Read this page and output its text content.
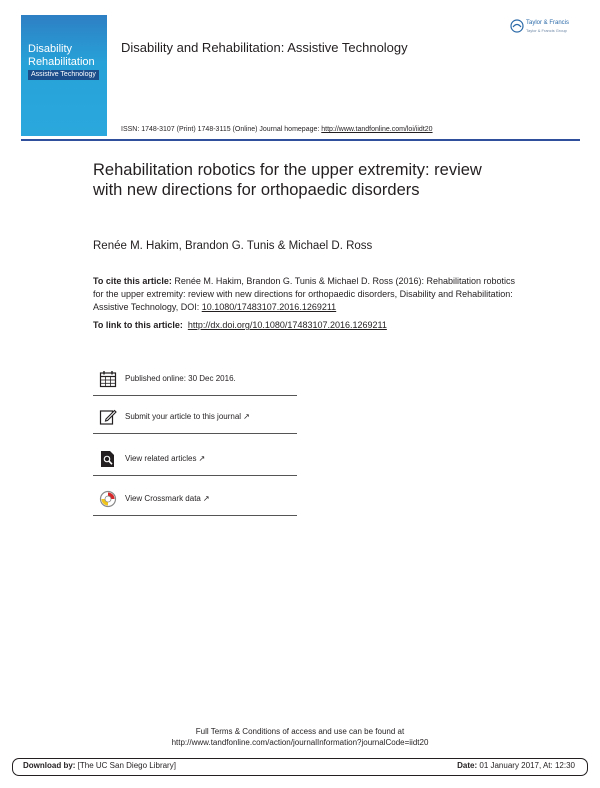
Disability
Rehabilitation
Assistive Technology
Disability and Rehabilitation: Assistive Technology
Taylor & Francis
Taylor & Francis Group
ISSN: 1748-3107 (Print) 1748-3115 (Online) Journal homepage: http://www.tandfonline.com/loi/iidt20
Rehabilitation robotics for the upper extremity: review with new directions for orthopaedic disorders
Renée M. Hakim, Brandon G. Tunis & Michael D. Ross
To cite this article: Renée M. Hakim, Brandon G. Tunis & Michael D. Ross (2016): Rehabilitation robotics for the upper extremity: review with new directions for orthopaedic disorders, Disability and Rehabilitation: Assistive Technology, DOI: 10.1080/17483107.2016.1269211
To link to this article: http://dx.doi.org/10.1080/17483107.2016.1269211
Published online: 30 Dec 2016.
Submit your article to this journal ↗
View related articles ↗
View Crossmark data ↗
Full Terms & Conditions of access and use can be found at
http://www.tandfonline.com/action/journalInformation?journalCode=iidt20
Download by: [The UC San Diego Library]	Date: 01 January 2017, At: 12:30
